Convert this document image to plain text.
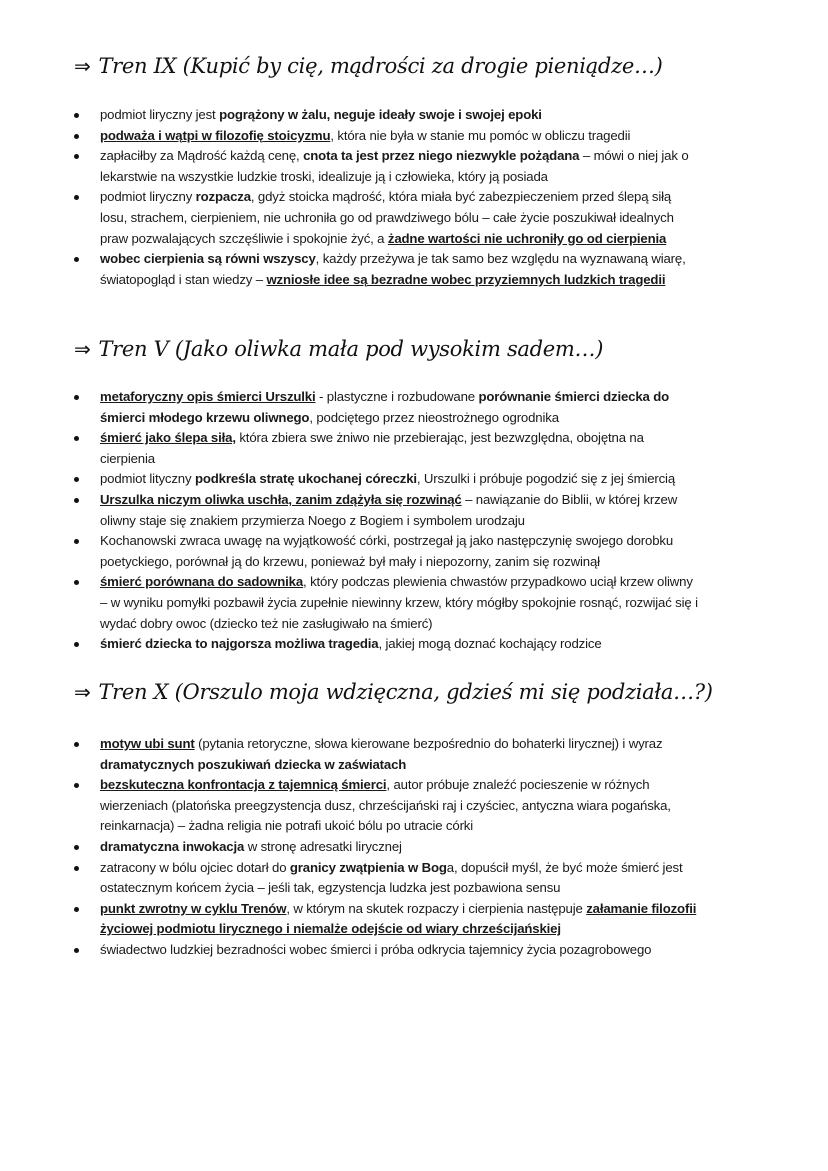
⇒ Tren IX (Kupić by cię, mądrości za drogie pieniądze…)
podmiot liryczny jest pogrążony w żalu, neguje ideały swoje i swojej epoki
podważa i wątpi w filozofię stoicyzmu, która nie była w stanie mu pomóc w obliczu tragedii
zapłaciłby za Mądrość każdą cenę, cnota ta jest przez niego niezwykle pożądana – mówi o niej jak o lekarstwie na wszystkie ludzkie troski, idealizuje ją i człowieka, który ją posiada
podmiot liryczny rozpacza, gdyż stoicka mądrość, która miała być zabezpieczeniem przed ślepą siłą losu, strachem, cierpieniem, nie uchroniła go od prawdziwego bólu – całe życie poszukiwał idealnych praw pozwalających szczęśliwie i spokojnie żyć, a żadne wartości nie uchroniły go od cierpienia
wobec cierpienia są równi wszyscy, każdy przeżywa je tak samo bez względu na wyznawaną wiarę, światopogląd i stan wiedzy – wzniosłe idee są bezradne wobec przyziemnych ludzkich tragedii
⇒ Tren V (Jako oliwka mała pod wysokim sadem…)
metaforyczny opis śmierci Urszulki - plastyczne i rozbudowane porównanie śmierci dziecka do śmierci młodego krzewu oliwnego, podciętego przez nieostrożnego ogrodnika
śmierć jako ślepa siła, która zbiera swe żniwo nie przebierając, jest bezwzględna, obojętna na cierpienia
podmiot lityczny podkreśla stratę ukochanej córeczki, Urszulki i próbuje pogodzić się z jej śmiercią
Urszulka niczym oliwka uschła, zanim zdążyła się rozwinąć – nawiązanie do Biblii, w której krzew oliwny staje się znakiem przymierza Noego z Bogiem i symbolem urodzaju
Kochanowski zwraca uwagę na wyjątkowość córki, postrzegał ją jako następczynię swojego dorobku poetyckiego, porównał ją do krzewu, ponieważ był mały i niepozorny, zanim się rozwinął
śmierć porównana do sadownika, który podczas plewienia chwastów przypadkowo uciął krzew oliwny – w wyniku pomyłki pozbawił życia zupełnie niewinny krzew, który mógłby spokojnie rosnąć, rozwijać się i wydać dobry owoc (dziecko też nie zasługiwało na śmierć)
śmierć dziecka to najgorsza możliwa tragedia, jakiej mogą doznać kochający rodzice
⇒ Tren X (Orszulo moja wdzięczna, gdzieś mi się podziała…?)
motyw ubi sunt (pytania retoryczne, słowa kierowane bezpośrednio do bohaterki lirycznej) i wyraz dramatycznych poszukiwań dziecka w zaświatach
bezskuteczna konfrontacja z tajemnicą śmierci, autor próbuje znaleźć pocieszenie w różnych wierzeniach (platońska preegzystencja dusz, chrześcijański raj i czyściec, antyczna wiara pogańska, reinkarnacja) – żadna religia nie potrafi ukoić bólu po utracie córki
dramatyczna inwokacja w stronę adresatki lirycznej
zatracony w bólu ojciec dotarł do granicy zwątpienia w Boga, dopuścił myśl, że być może śmierć jest ostatecznym końcem życia – jeśli tak, egzystencja ludzka jest pozbawiona sensu
punkt zwrotny w cyklu Trenów, w którym na skutek rozpaczy i cierpienia następuje załamanie filozofii życiowej podmiotu lirycznego i niemalże odejście od wiary chrześcijańskiej
świadectwo ludzkiej bezradności wobec śmierci i próba odkrycia tajemnicy życia pozagrobowego
